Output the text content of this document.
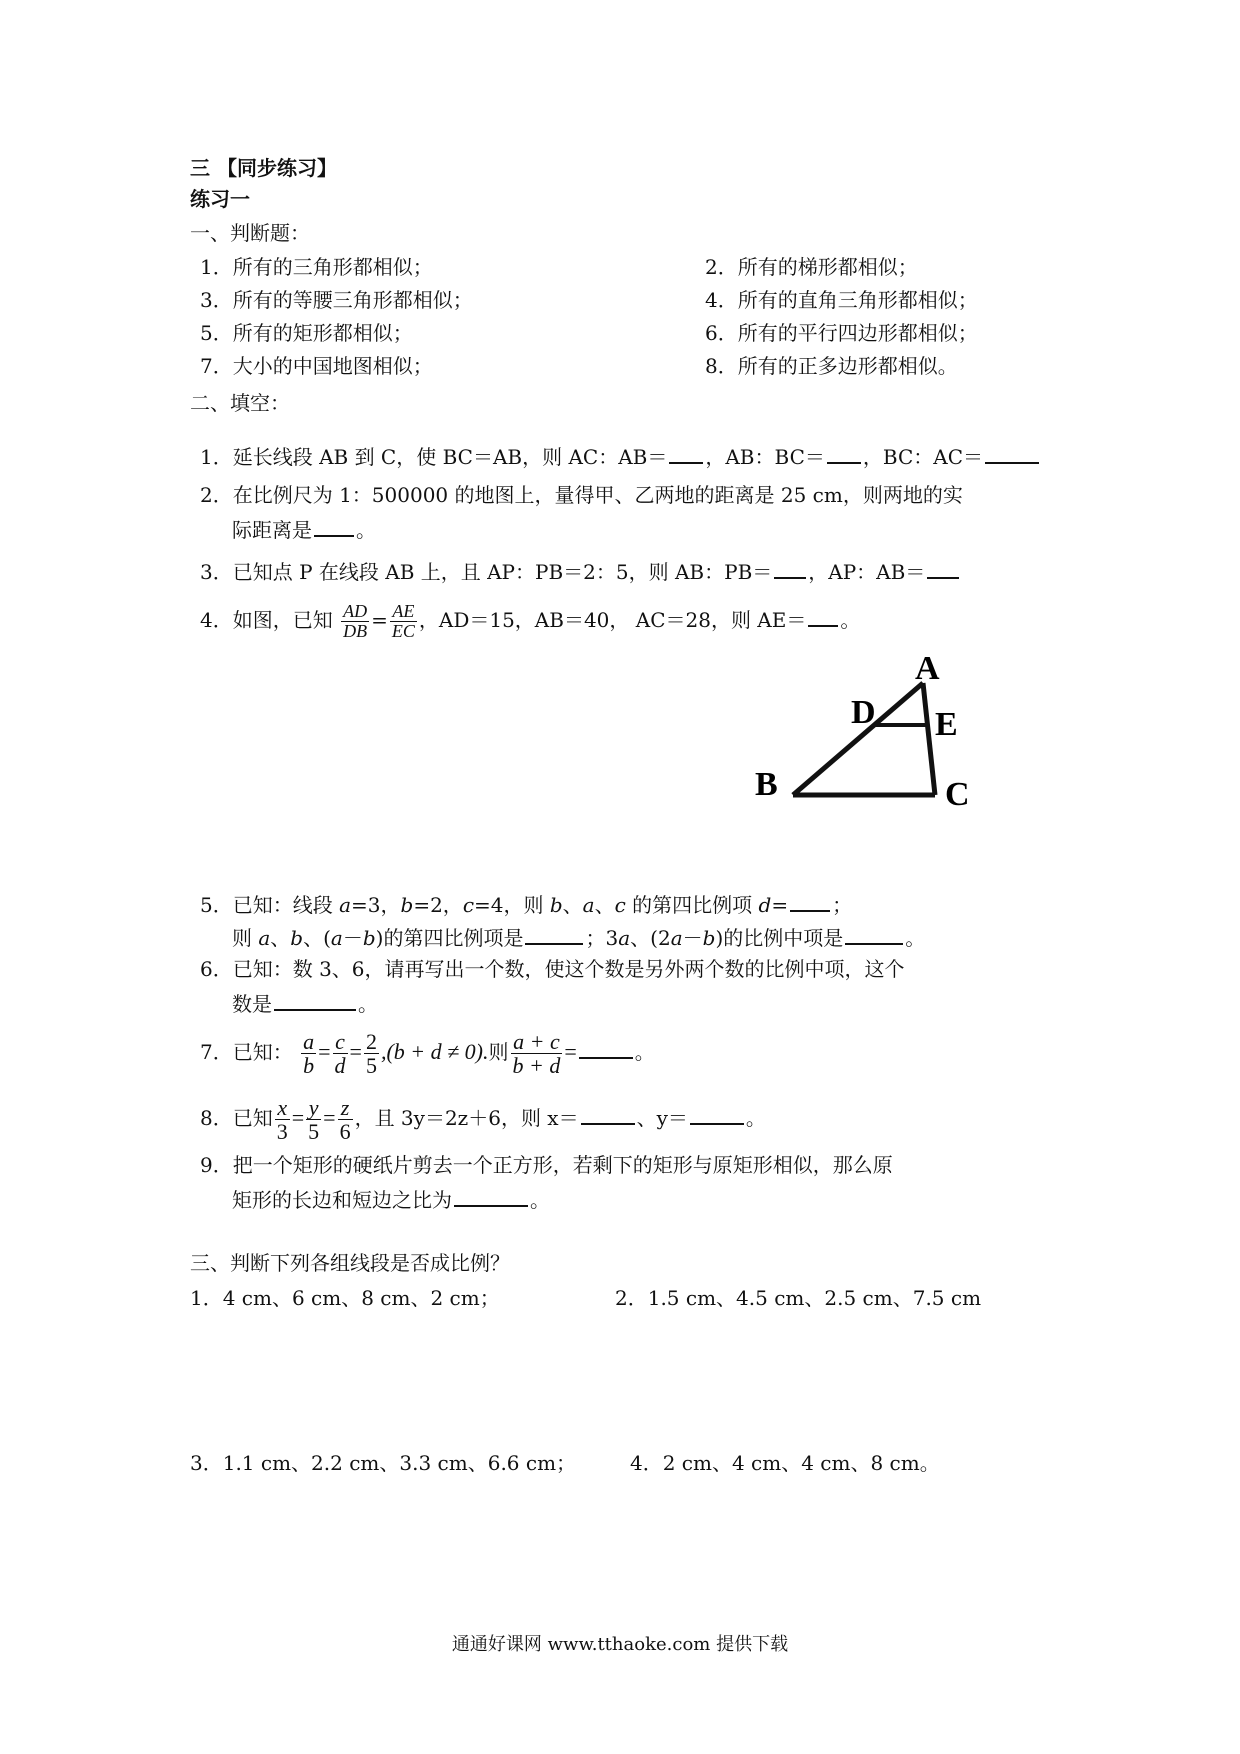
三 【同步练习】
练习一
一、判断题：
1．所有的三角形都相似；	2．所有的梯形都相似；
3．所有的等腰三角形都相似；	4．所有的直角三角形都相似；
5．所有的矩形都相似；	6．所有的平行四边形都相似；
7．大小的中国地图相似；	8．所有的正多边形都相似。
二、填空：
1．延长线段 AB 到 C，使 BC＝AB，则 AC：AB＝ ，AB：BC＝ ，BC：AC＝
2．在比例尺为 1：500000 的地图上，量得甲、乙两地的距离是 25 cm，则两地的实
际距离是 。
3．已知点 P 在线段 AB 上，且 AP：PB＝2：5，则 AB：PB＝ ，AP：AB＝
4．如图，已知 $\frac{AD}{DB} = \frac{AE}{EC}$ ，AD＝15，AB＝40， AC＝28，则 AE＝ 。
A
D E
B	C
5．已知：线段 a=3，b=2，c=4，则 b、a、c 的第四比例项 d= ；
则 a、b、(a－b)的第四比例项是	；3a、(2a－b)的比例中项是	。
6．已知：数 3、6，请再写出一个数，使这个数是另外两个数的比例中项，这个
数是	。
7．已知： $\frac{a}{b} = \frac{c}{d} = \frac{2}{5} ,(b + d \ne 0)$.则 $\frac{a + c}{b + d}$ =	。
8．已知 $\frac{x}{3} = \frac{y}{5} = \frac{z}{6}$ ，且 3y＝2z＋6，则 x＝	、y＝	。
9．把一个矩形的硬纸片剪去一个正方形，若剩下的矩形与原矩形相似，那么原
矩形的长边和短边之比为	。
三、判断下列各组线段是否成比例？
1．4 cm、6 cm、8 cm、2 cm；	2．1.5 cm、4.5 cm、2.5 cm、7.5 cm
3．1.1 cm、2.2 cm、3.3 cm、6.6 cm；	4．2 cm、4 cm、4 cm、8 cm。
通通好课网 www.tthaoke.com 提供下载
